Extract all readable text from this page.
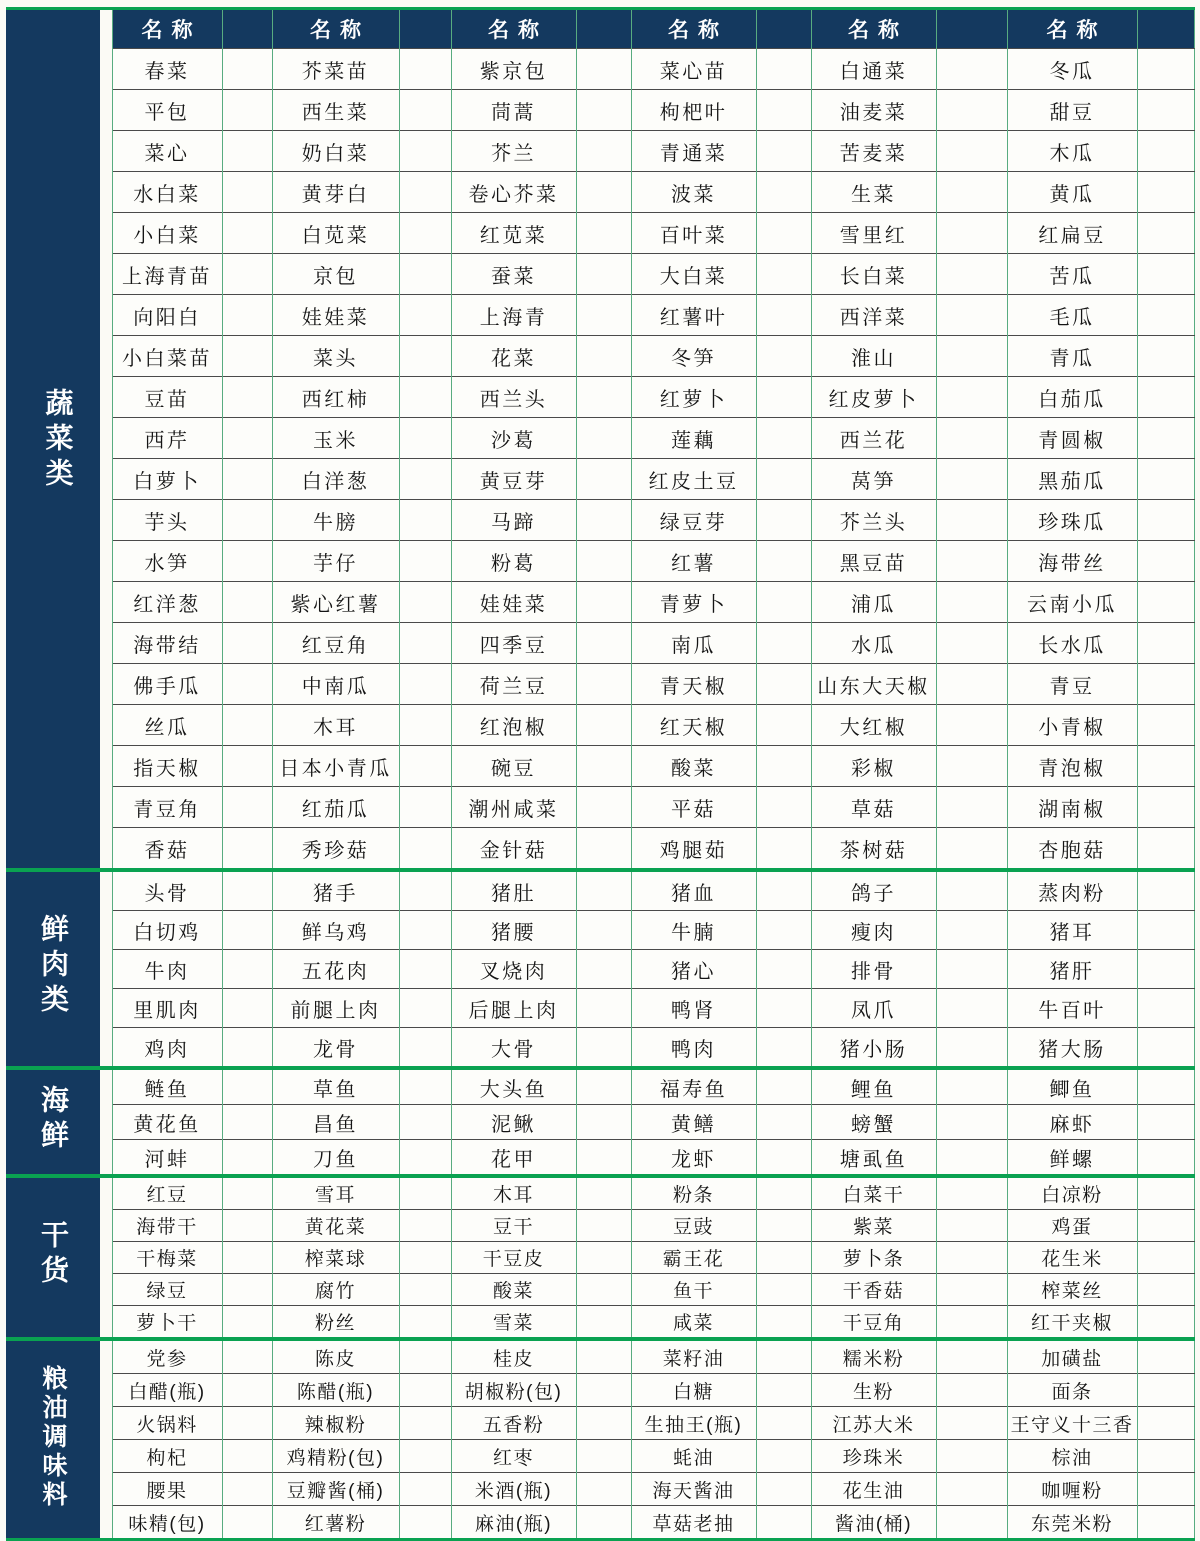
蔬菜类		名称		名称		名称		名称		名称		名称	
		春菜		芥菜苗		紫京包		菜心苗		白通菜		冬瓜	
		平包		西生菜		茼蒿		枸杷叶		油麦菜		甜豆	
		菜心		奶白菜		芥兰		青通菜		苦麦菜		木瓜	
		水白菜		黄芽白		卷心芥菜		波菜		生菜		黄瓜	
		小白菜		白苋菜		红苋菜		百叶菜		雪里红		红扁豆	
		上海青苗		京包		蚕菜		大白菜		长白菜		苦瓜	
		向阳白		娃娃菜		上海青		红薯叶		西洋菜		毛瓜	
		小白菜苗		菜头		花菜		冬笋		淮山		青瓜	
		豆苗		西红柿		西兰头		红萝卜		红皮萝卜		白茄瓜	
		西芹		玉米		沙葛		莲藕		西兰花		青圆椒	
		白萝卜		白洋葱		黄豆芽		红皮土豆		莴笋		黑茄瓜	
		芋头		牛膀		马蹄		绿豆芽		芥兰头		珍珠瓜	
		水笋		芋仔		粉葛		红薯		黑豆苗		海带丝	
		红洋葱		紫心红薯		娃娃菜		青萝卜		浦瓜		云南小瓜	
		海带结		红豆角		四季豆		南瓜		水瓜		长水瓜	
		佛手瓜		中南瓜		荷兰豆		青天椒		山东大天椒		青豆	
		丝瓜		木耳		红泡椒		红天椒		大红椒		小青椒	
		指天椒		日本小青瓜		碗豆		酸菜		彩椒		青泡椒	
		青豆角		红茄瓜		潮州咸菜		平菇		草菇		湖南椒	
		香菇		秀珍菇		金针菇		鸡腿茹		茶树菇		杏胞菇	
鲜肉类		头骨		猪手		猪肚		猪血		鸽子		蒸肉粉	
		白切鸡		鲜乌鸡		猪腰		牛腩		瘦肉		猪耳	
		牛肉		五花肉		叉烧肉		猪心		排骨		猪肝	
		里肌肉		前腿上肉		后腿上肉		鸭肾		凤爪		牛百叶	
		鸡肉		龙骨		大骨		鸭肉		猪小肠		猪大肠	
海鲜		鲢鱼		草鱼		大头鱼		福寿鱼		鲤鱼		鲫鱼	
		黄花鱼		昌鱼		泥鳅		黄鳝		螃蟹		麻虾	
		河蚌		刀鱼		花甲		龙虾		塘虱鱼		鲜螺	
干货		红豆		雪耳		木耳		粉条		白菜干		白凉粉	
		海带干		黄花菜		豆干		豆豉		紫菜		鸡蛋	
		干梅菜		榨菜球		干豆皮		霸王花		萝卜条		花生米	
		绿豆		腐竹		酸菜		鱼干		干香菇		榨菜丝	
		萝卜干		粉丝		雪菜		咸菜		干豆角		红干夹椒	
粮油调味料		党参		陈皮		桂皮		菜籽油		糯米粉		加磺盐	
		白醋(瓶)		陈醋(瓶)		胡椒粉(包)		白糖		生粉		面条	
		火锅料		辣椒粉		五香粉		生抽王(瓶)		江苏大米		王守义十三香	
		枸杞		鸡精粉(包)		红枣		蚝油		珍珠米		棕油	
		腰果		豆瓣酱(桶)		米酒(瓶)		海天酱油		花生油		咖喱粉	
		味精(包)		红薯粉		麻油(瓶)		草菇老抽		酱油(桶)		东莞米粉	
